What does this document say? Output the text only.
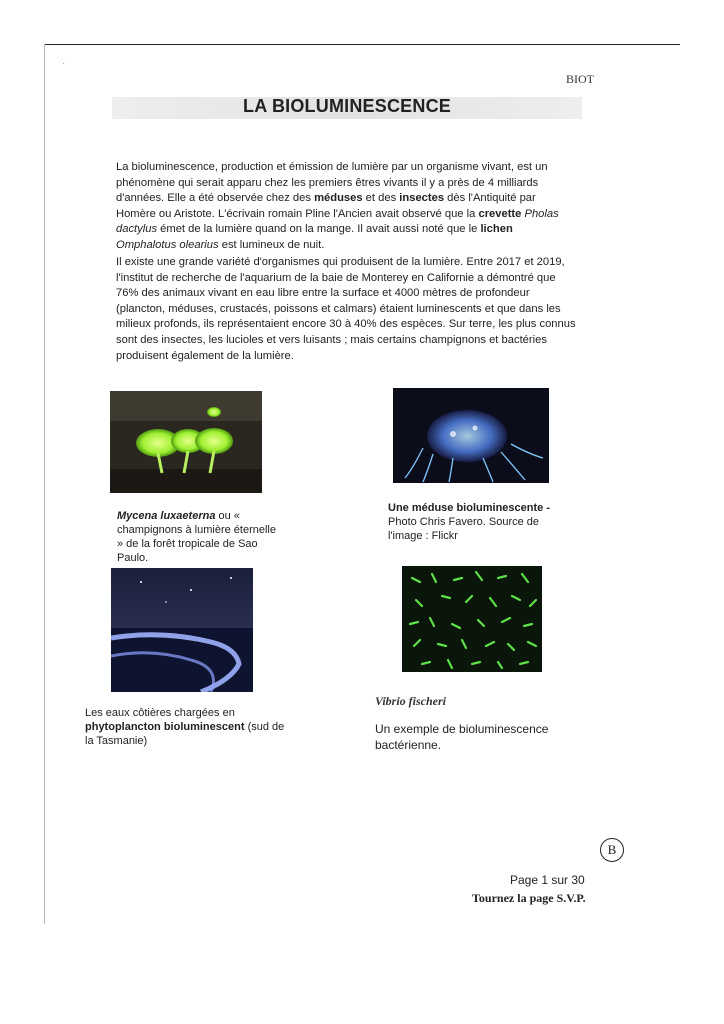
·
BIOT
LA BIOLUMINESCENCE
La bioluminescence, production et émission de lumière par un organisme vivant, est un phénomène qui serait apparu chez les premiers êtres vivants il y a près de 4 milliards d'années. Elle a été observée chez des méduses et des insectes dès l'Antiquité par Homère ou Aristote. L'écrivain romain Pline l'Ancien avait observé que la crevette Pholas dactylus émet de la lumière quand on la mange. Il avait aussi noté que le lichen Omphalotus olearius est lumineux de nuit.
Il existe une grande variété d'organismes qui produisent de la lumière. Entre 2017 et 2019, l'institut de recherche de l'aquarium de la baie de Monterey en Californie a démontré que 76% des animaux vivant en eau libre entre la surface et 4000 mètres de profondeur (plancton, méduses, crustacés, poissons et calmars) étaient luminescents et que dans les milieux profonds, ils représentaient encore 30 à 40% des espèces. Sur terre, les plus connus sont des insectes, les lucioles et vers luisants ; mais certains champignons et bactéries produisent également de la lumière.
Mycena luxaeterna ou « champignons à lumière éternelle » de la forêt tropicale de Sao Paulo.
Une méduse bioluminescente - Photo Chris Favero. Source de l'image : Flickr
Les eaux côtières chargées en phytoplancton bioluminescent (sud de la Tasmanie)
Vibrio fischeri
Un exemple de bioluminescence bactérienne.
B
Page 1 sur 30
Tournez la page S.V.P.
